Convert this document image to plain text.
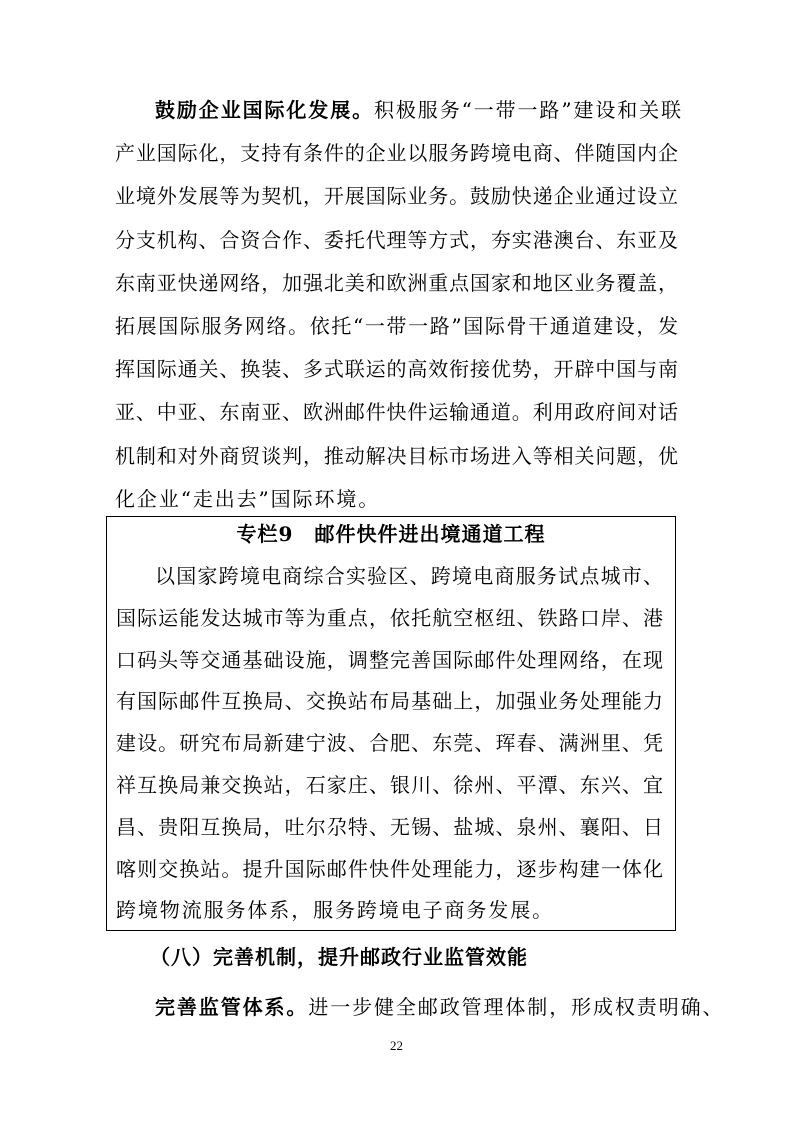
鼓励企业国际化发展。积极服务“一带一路”建设和关联
产业国际化，支持有条件的企业以服务跨境电商、伴随国内企
业境外发展等为契机，开展国际业务。鼓励快递企业通过设立
分支机构、合资合作、委托代理等方式，夯实港澳台、东亚及
东南亚快递网络，加强北美和欧洲重点国家和地区业务覆盖，
拓展国际服务网络。依托“一带一路”国际骨干通道建设，发
挥国际通关、换装、多式联运的高效衔接优势，开辟中国与南
亚、中亚、东南亚、欧洲邮件快件运输通道。利用政府间对话
机制和对外商贸谈判，推动解决目标市场进入等相关问题，优
化企业“走出去”国际环境。
专栏9　邮件快件进出境通道工程
以国家跨境电商综合实验区、跨境电商服务试点城市、
国际运能发达城市等为重点，依托航空枢纽、铁路口岸、港
口码头等交通基础设施，调整完善国际邮件处理网络，在现
有国际邮件互换局、交换站布局基础上，加强业务处理能力
建设。研究布局新建宁波、合肥、东莞、珲春、满洲里、凭
祥互换局兼交换站，石家庄、银川、徐州、平潭、东兴、宜
昌、贵阳互换局，吐尔尕特、无锡、盐城、泉州、襄阳、日
喀则交换站。提升国际邮件快件处理能力，逐步构建一体化
（八）完善机制，提升邮政行业监管效能
完善监管体系。进一步健全邮政管理体制，形成权责明确、
22
跨境物流服务体系，服务跨境电子商务发展。
